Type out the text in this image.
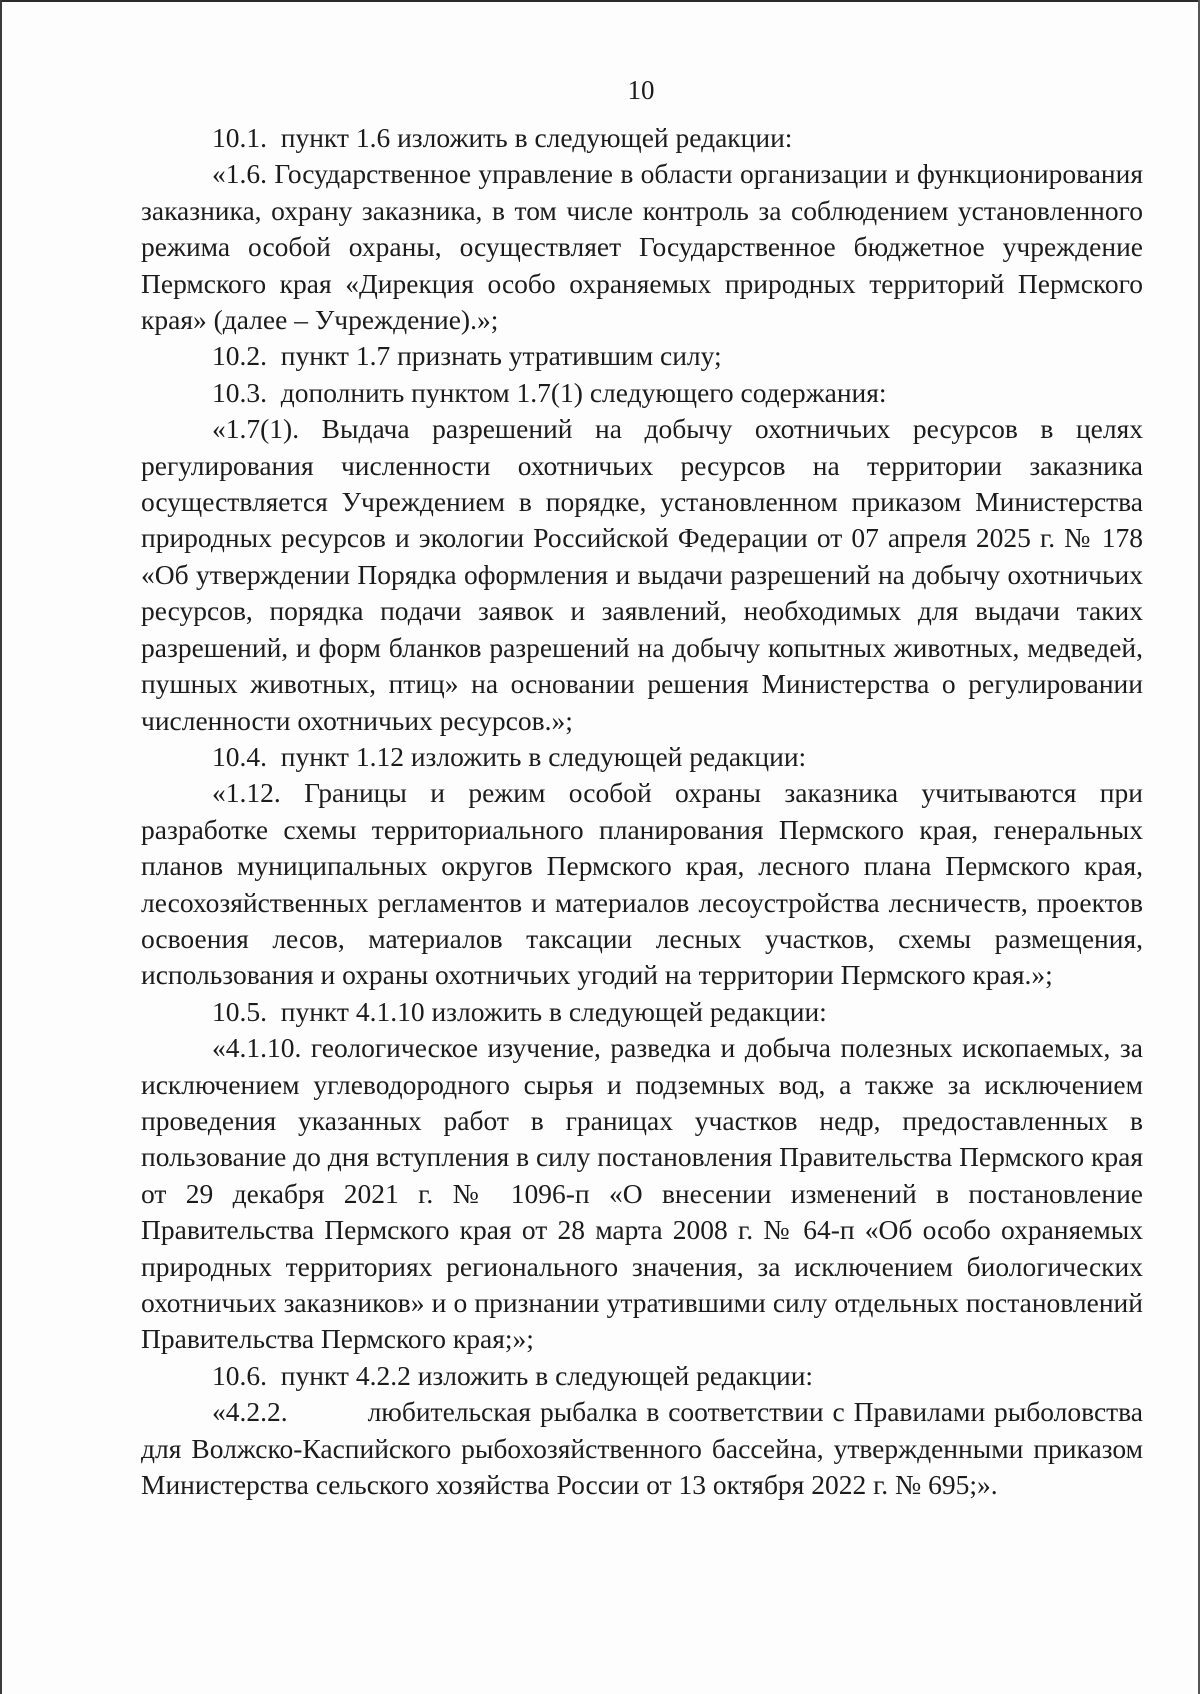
10

10.1.  пункт 1.6 изложить в следующей редакции:

«1.6. Государственное управление в области организации и функционирования заказника, охрану заказника, в том числе контроль за соблюдением установленного режима особой охраны, осуществляет Государственное бюджетное учреждение Пермского края «Дирекция особо охраняемых природных территорий Пермского края» (далее – Учреждение).»;

10.2.  пункт 1.7 признать утратившим силу;

10.3.  дополнить пунктом 1.7(1) следующего содержания:

«1.7(1). Выдача разрешений на добычу охотничьих ресурсов в целях регулирования численности охотничьих ресурсов на территории заказника осуществляется Учреждением в порядке, установленном приказом Министерства природных ресурсов и экологии Российской Федерации от 07 апреля 2025 г. № 178 «Об утверждении Порядка оформления и выдачи разрешений на добычу охотничьих ресурсов, порядка подачи заявок и заявлений, необходимых для выдачи таких разрешений, и форм бланков разрешений на добычу копытных животных, медведей, пушных животных, птиц» на основании решения Министерства о регулировании численности охотничьих ресурсов.»;

10.4.  пункт 1.12 изложить в следующей редакции:

«1.12. Границы и режим особой охраны заказника учитываются при разработке схемы территориального планирования Пермского края, генеральных планов муниципальных округов Пермского края, лесного плана Пермского края, лесохозяйственных регламентов и материалов лесоустройства лесничеств, проектов освоения лесов, материалов таксации лесных участков, схемы размещения, использования и охраны охотничьих угодий на территории Пермского края.»;

10.5.  пункт 4.1.10 изложить в следующей редакции:

«4.1.10. геологическое изучение, разведка и добыча полезных ископаемых, за исключением углеводородного сырья и подземных вод, а также за исключением проведения указанных работ в границах участков недр, предоставленных в пользование до дня вступления в силу постановления Правительства Пермского края от 29 декабря 2021 г. № 1096-п «О внесении изменений в постановление Правительства Пермского края от 28 марта 2008 г. № 64-п «Об особо охраняемых природных территориях регионального значения, за исключением биологических охотничьих заказников» и о признании утратившими силу отдельных постановлений Правительства Пермского края;»;

10.6.  пункт 4.2.2 изложить в следующей редакции:

«4.2.2.         любительская рыбалка в соответствии с Правилами рыболовства для Волжско-Каспийского рыбохозяйственного бассейна, утвержденными приказом Министерства сельского хозяйства России от 13 октября 2022 г. № 695;».
